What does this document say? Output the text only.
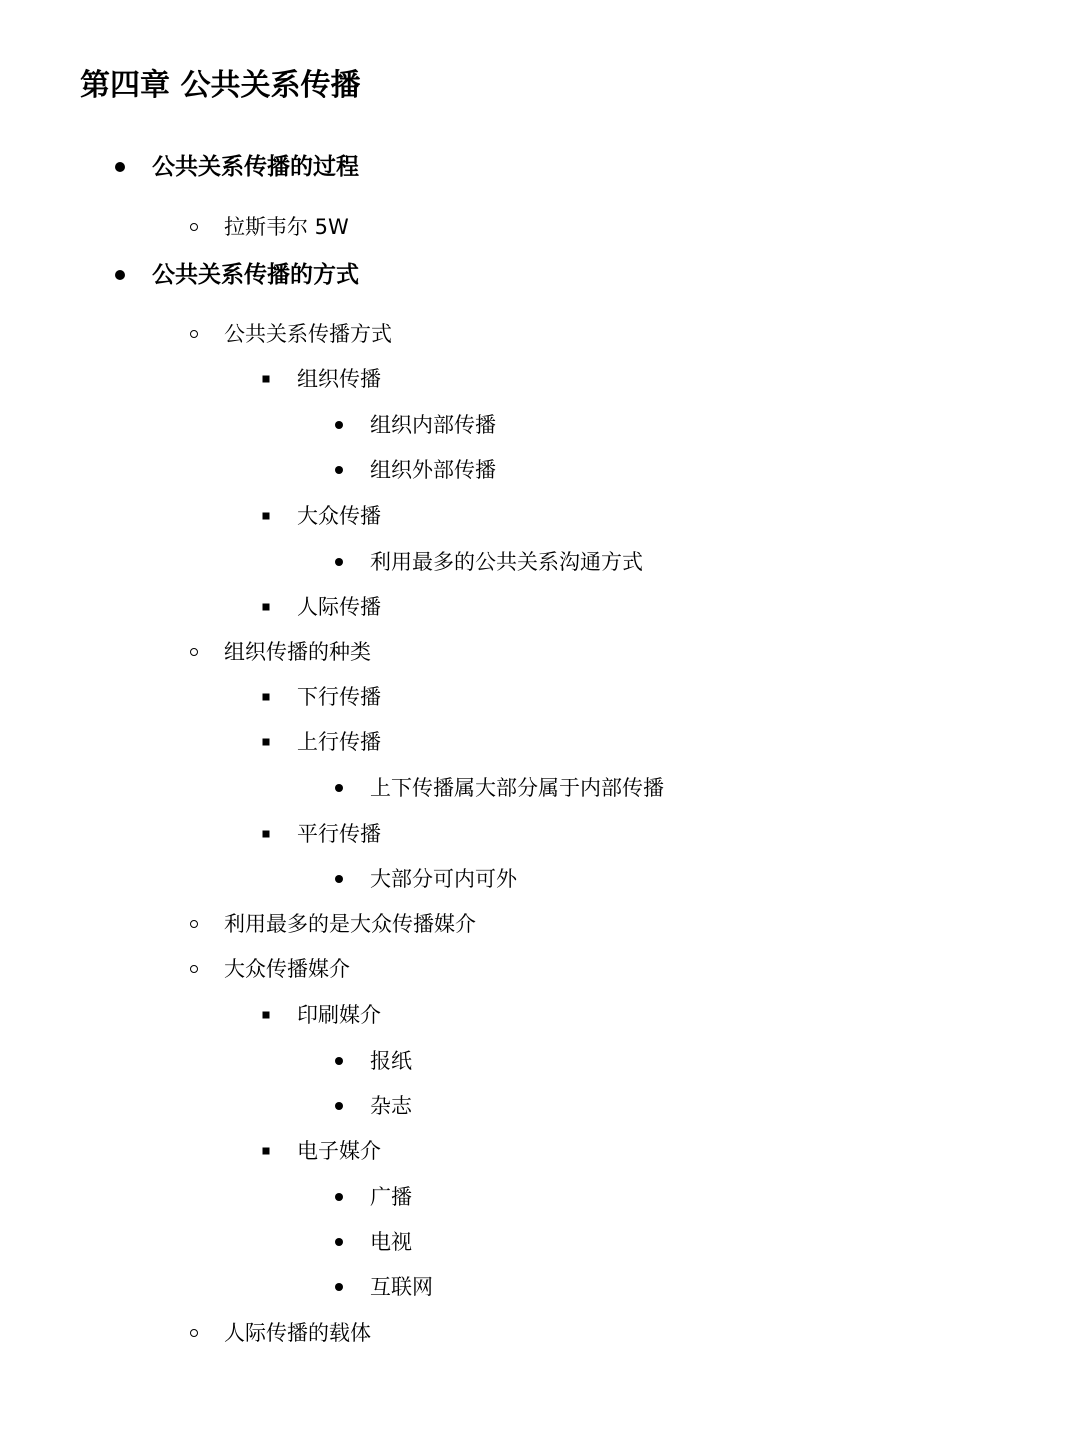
第四章 公共关系传播
公共关系传播的过程
拉斯韦尔 5W
公共关系传播的方式
公共关系传播方式
组织传播
组织内部传播
组织外部传播
大众传播
利用最多的公共关系沟通方式
人际传播
组织传播的种类
下行传播
上行传播
上下传播属大部分属于内部传播
平行传播
大部分可内可外
利用最多的是大众传播媒介
大众传播媒介
印刷媒介
报纸
杂志
电子媒介
广播
电视
互联网
人际传播的载体
